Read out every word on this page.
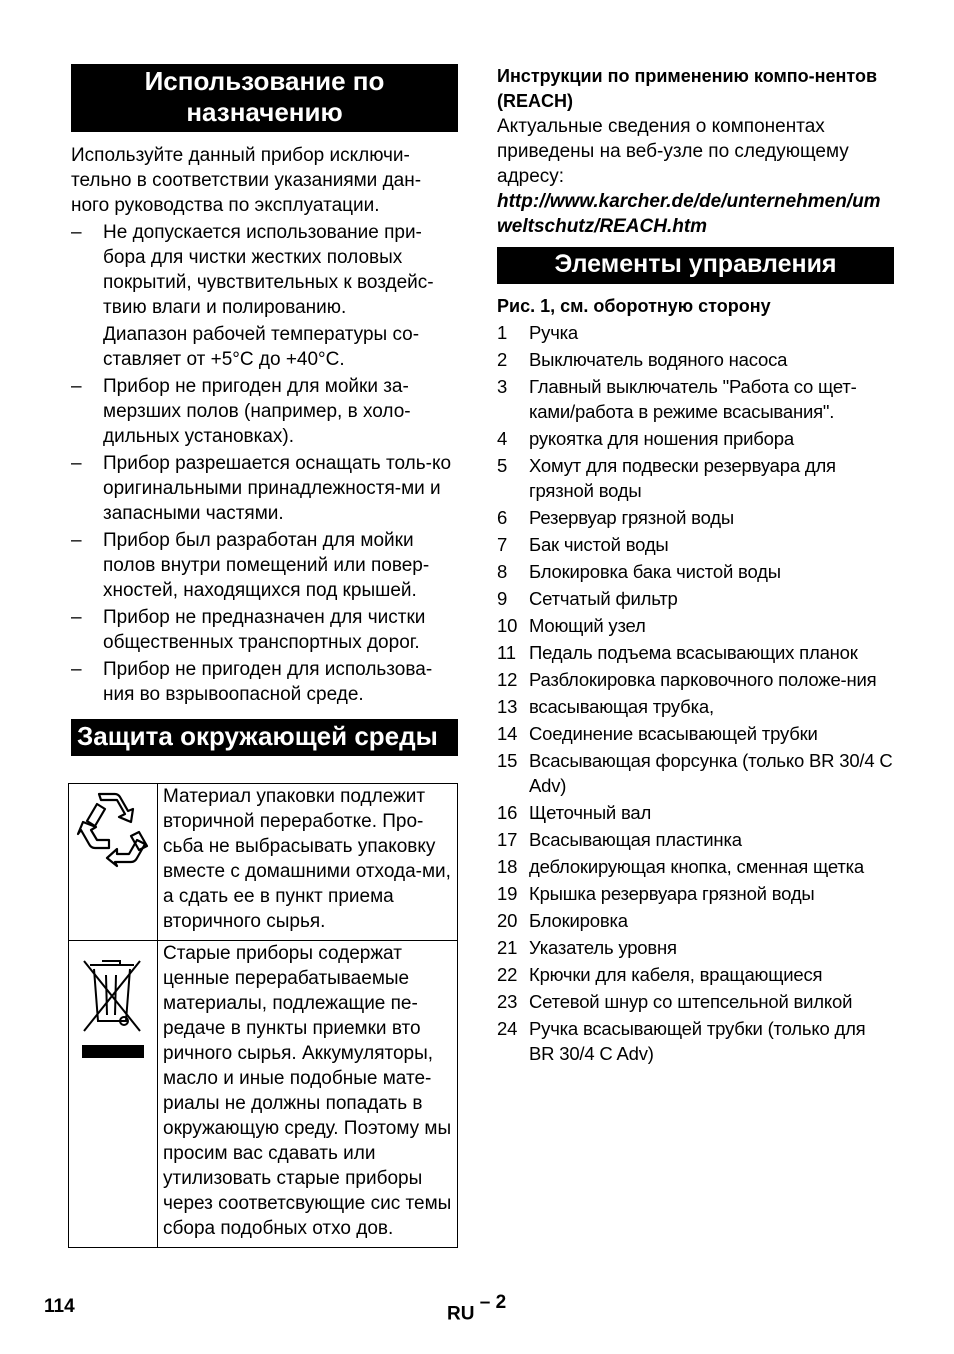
Использование по назначению

Используйте данный прибор исключи-тельно в соответствии указаниями дан-ного руководства по эксплуатации.

– Не допускается использование при-бора для чистки жестких половых покрытий, чувствительных к воздейс-твию влаги и полированию.
Диапазон рабочей температуры со-ставляет от +5°C до +40°C.
– Прибор не пригоден для мойки за-мерзших полов (например, в холо-дильных установках).
– Прибор разрешается оснащать толь-ко оригинальными принадлежностя-ми и запасными частями.
– Прибор был разработан для мойки полов внутри помещений или повер-хностей, находящихся под крышей.
– Прибор не предназначен для чистки общественных транспортных дорог.
– Прибор не пригоден для использова-ния во взрывоопасной среде.
Защита окружающей среды
	Материал упаковки подлежит вторичной переработке. Про-сьба не выбрасывать упаковку вместе с домашними отхода-ми, а сдать ее в пункт приема вторичного сырья.
	Старые приборы содержат ценные перерабатываемые материалы, подлежащие пе-редаче в пункты приемки вто ричного сырья. Аккумуляторы, масло и иные подобные мате-риалы не должны попадать в окружающую среду. Поэтому мы просим вас сдавать или утилизовать старые приборы через соответсвующие сис темы сбора подобных отхо дов.

Инструкции по применению компо-нентов (REACH)

Актуальные сведения о компонентах приведены на веб-узле по следующему адресу:

http://www.karcher.de/de/unternehmen/umweltschutz/REACH.htm

Элементы управления

Рис. 1, см. оборотную сторону

1 Ручка
2 Выключатель водяного насоса
3 Главный выключатель "Работа со щет-ками/работа в режиме всасывания".
4 рукоятка для ношения прибора
5 Хомут для подвески резервуара для грязной воды
6 Резервуар грязной воды
7 Бак чистой воды
8 Блокировка бака чистой воды
9 Сетчатый фильтр
10 Моющий узел
11 Педаль подъема всасывающих планок
12 Разблокировка парковочного положе-ния
13 всасывающая трубка,
14 Соединение всасывающей трубки
15 Всасывающая форсунка (только BR 30/4 C Adv)
16 Щеточный вал
17 Всасывающая пластинка
18 деблокирующая кнопка, сменная щетка
19 Крышка резервуара грязной воды
20 Блокировка
21 Указатель уровня
22 Крючки для кабеля, вращающиеся
23 Сетевой шнур со штепсельной вилкой
24 Ручка всасывающей трубки (только для BR 30/4 C Adv)
114	RU $^{- 2}$
